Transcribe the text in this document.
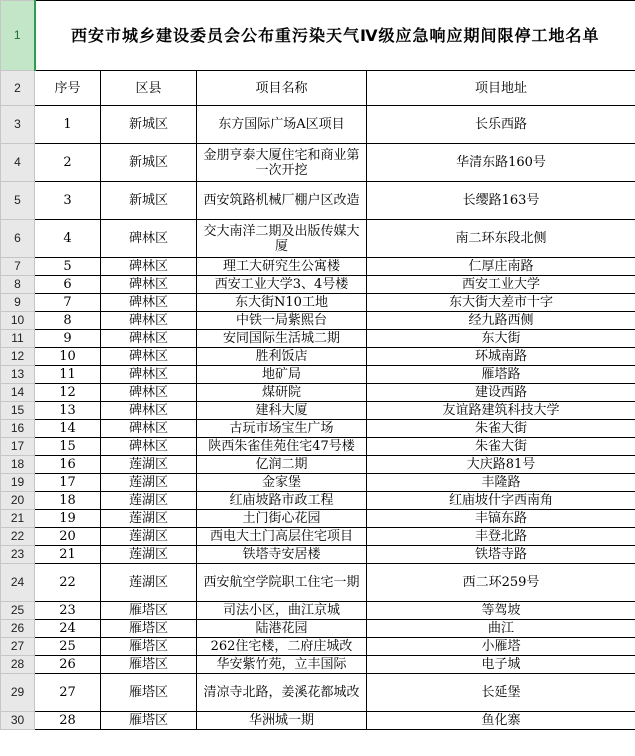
1	西安市城乡建设委员会公布重污染天气Ⅳ级应急响应期间限停工地名单			
2	序号	区县	项目名称	项目地址
3	1	新城区	东方国际广场A区项目	长乐西路
4	2	新城区	金朋亨泰大厦住宅和商业第一次开挖	华清东路160号
5	3	新城区	西安筑路机械厂棚户区改造	长缨路163号
6	4	碑林区	交大南洋二期及出版传媒大厦	南二环东段北侧
7	5	碑林区	理工大研究生公寓楼	仁厚庄南路
8	6	碑林区	西安工业大学3、4号楼	西安工业大学
9	7	碑林区	东大街N10工地	东大街大差市十字
10	8	碑林区	中铁一局紫熙台	经九路西侧
11	9	碑林区	安同国际生活城二期	东大街
12	10	碑林区	胜利饭店	环城南路
13	11	碑林区	地矿局	雁塔路
14	12	碑林区	煤研院	建设西路
15	13	碑林区	建科大厦	友谊路建筑科技大学
16	14	碑林区	古玩市场宝生广场	朱雀大街
17	15	碑林区	陕西朱雀佳苑住宅47号楼	朱雀大街
18	16	莲湖区	亿润二期	大庆路81号
19	17	莲湖区	金家堡	丰隆路
20	18	莲湖区	红庙坡路市政工程	红庙坡什字西南角
21	19	莲湖区	土门街心花园	丰镐东路
22	20	莲湖区	西电大土门高层住宅项目	丰登北路
23	21	莲湖区	铁塔寺安居楼	铁塔寺路
24	22	莲湖区	西安航空学院职工住宅一期	西二环259号
25	23	雁塔区	司法小区，曲江京城	等驾坡
26	24	雁塔区	陆港花园	曲江
27	25	雁塔区	262住宅楼，二府庄城改	小雁塔
28	26	雁塔区	华安紫竹苑，立丰国际	电子城
29	27	雁塔区	清凉寺北路，姜溪花都城改	长延堡
30	28	雁塔区	华洲城一期	鱼化寨
